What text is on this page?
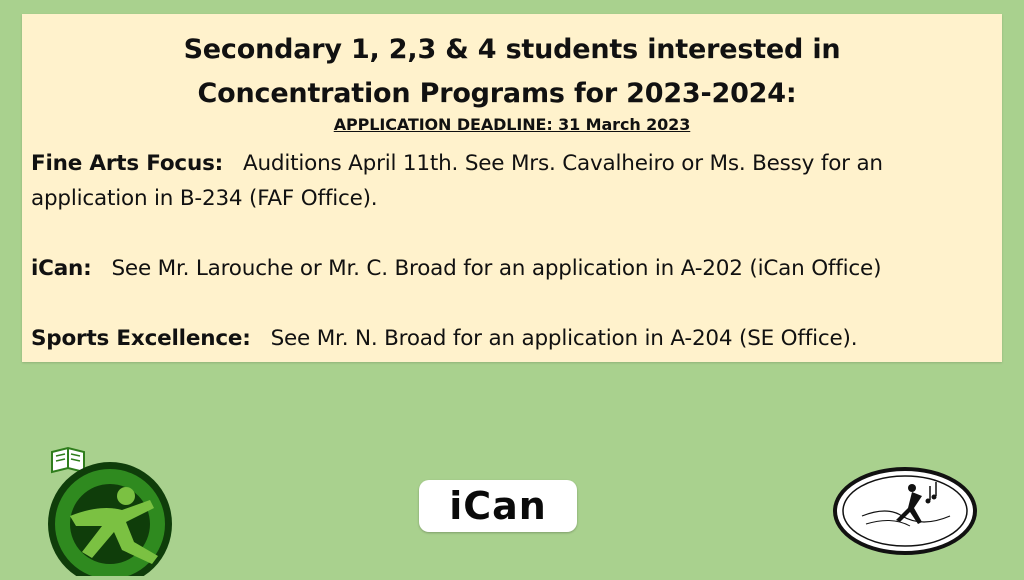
Secondary 1, 2,3 & 4 students interested in
Concentration Programs for 2023-2024:
APPLICATION DEADLINE: 31 March 2023

Fine Arts Focus: Auditions April 11th. See Mrs. Cavalheiro or Ms. Bessy for an application in B-234 (FAF Office).

iCan: See Mr. Larouche or Mr. C. Broad for an application in A-202 (iCan Office)

Sports Excellence: See Mr. N. Broad for an application in A-204 (SE Office).

iCan
